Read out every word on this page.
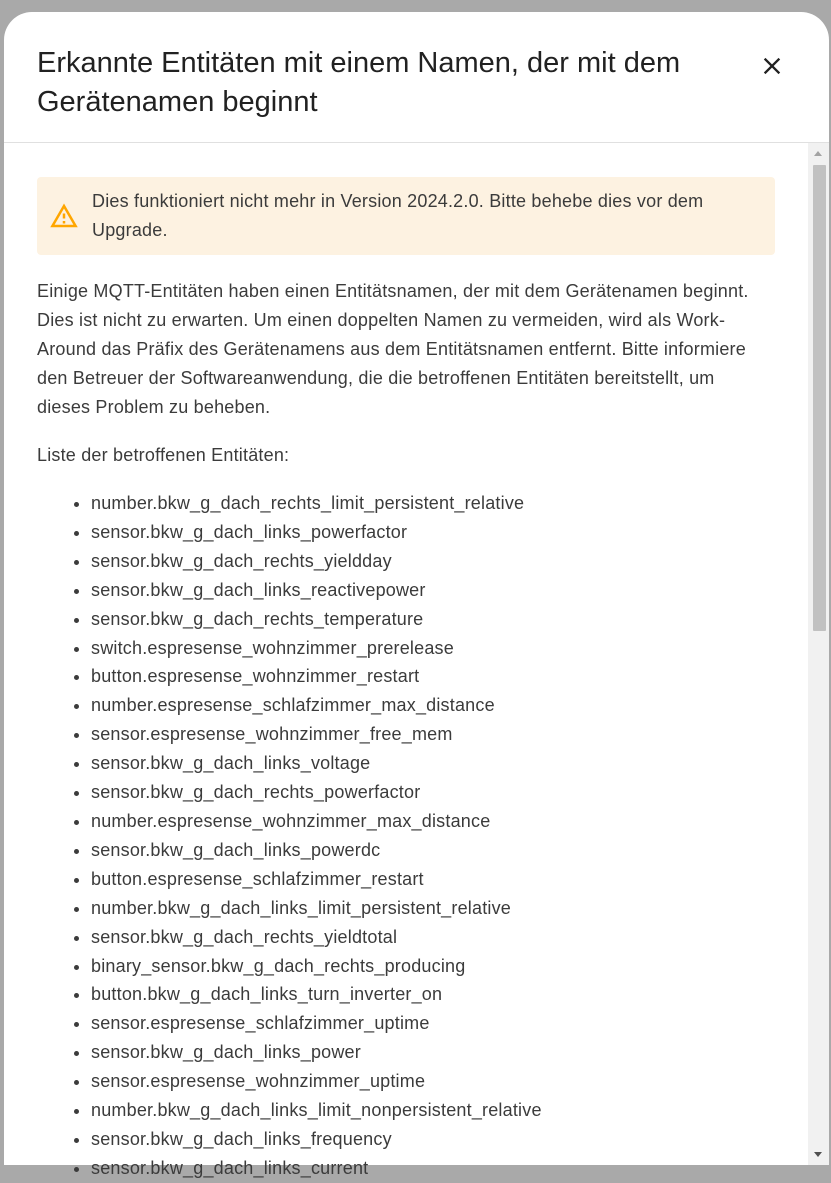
Erkannte Entitäten mit einem Namen, der mit dem Gerätenamen beginnt
Dies funktioniert nicht mehr in Version 2024.2.0. Bitte behebe dies vor dem Upgrade.

Einige MQTT-Entitäten haben einen Entitätsnamen, der mit dem Gerätenamen beginnt. Dies ist nicht zu erwarten. Um einen doppelten Namen zu vermeiden, wird als Work-Around das Präfix des Gerätenamens aus dem Entitätsnamen entfernt. Bitte informiere den Betreuer der Softwareanwendung, die die betroffenen Entitäten bereitstellt, um dieses Problem zu beheben.

Liste der betroffenen Entitäten:

• number.bkw_g_dach_rechts_limit_persistent_relative
• sensor.bkw_g_dach_links_powerfactor
• sensor.bkw_g_dach_rechts_yieldday
• sensor.bkw_g_dach_links_reactivepower
• sensor.bkw_g_dach_rechts_temperature
• switch.espresense_wohnzimmer_prerelease
• button.espresense_wohnzimmer_restart
• number.espresense_schlafzimmer_max_distance
• sensor.espresense_wohnzimmer_free_mem
• sensor.bkw_g_dach_links_voltage
• sensor.bkw_g_dach_rechts_powerfactor
• number.espresense_wohnzimmer_max_distance
• sensor.bkw_g_dach_links_powerdc
• button.espresense_schlafzimmer_restart
• number.bkw_g_dach_links_limit_persistent_relative
• sensor.bkw_g_dach_rechts_yieldtotal
• binary_sensor.bkw_g_dach_rechts_producing
• button.bkw_g_dach_links_turn_inverter_on
• sensor.espresense_schlafzimmer_uptime
• sensor.bkw_g_dach_links_power
• sensor.espresense_wohnzimmer_uptime
• number.bkw_g_dach_links_limit_nonpersistent_relative
• sensor.bkw_g_dach_links_frequency
• sensor.bkw_g_dach_links_current
